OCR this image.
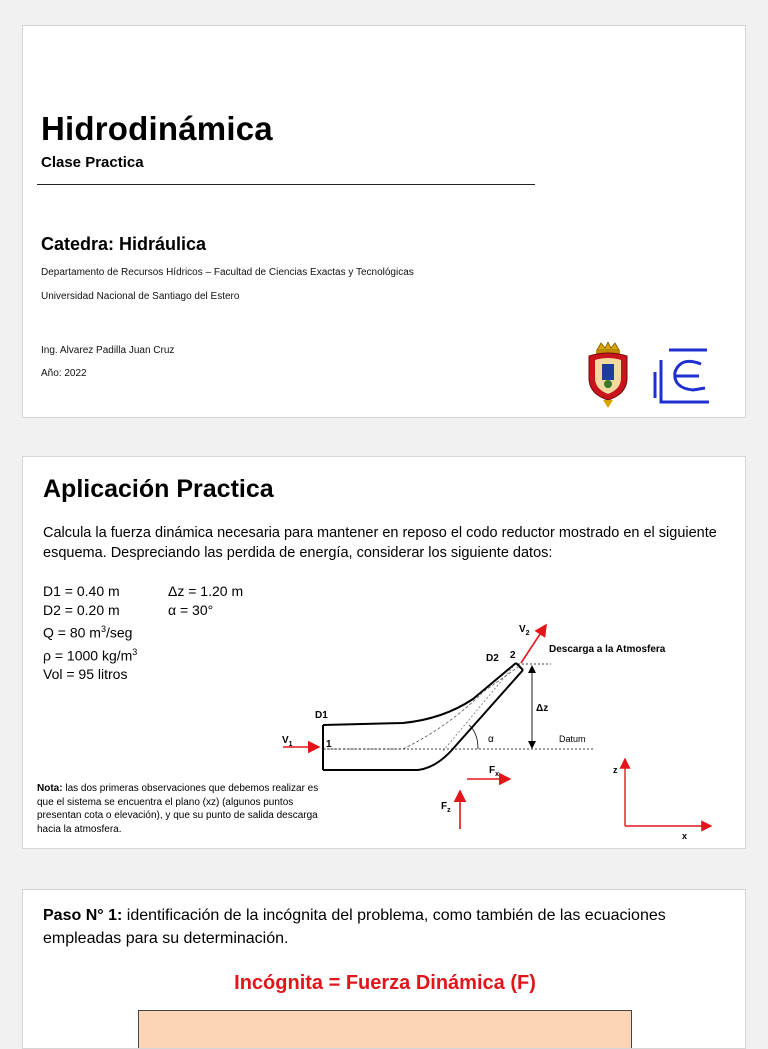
Hidrodinámica
Clase Practica
Catedra: Hidráulica
Departamento de Recursos Hídricos – Facultad de Ciencias Exactas y Tecnológicas
Universidad Nacional de Santiago del Estero
Ing. Alvarez Padilla Juan Cruz
Año: 2022
Aplicación Practica
Calcula la fuerza dinámica necesaria para mantener en reposo el codo reductor mostrado en el siguiente esquema. Despreciando las perdida de energía, considerar los siguiente datos:
D1 = 0.40 m
D2 = 0.20 m
Q = 80 $m^3$/seg
ρ = 1000 $kg/m^3$
Vol = 95 litros
Δz = 1.20 m
α = 30°
Nota: las dos primeras observaciones que debemos realizar es que el sistema se encuentra el plano (xz) (algunos puntos presentan cota o elevación), y que su punto de salida descarga hacia la atmosfera.
$V_2$
Descarga a la Atmosfera
D2 2
Δz
D1
$V_1$	1	α	Datum
$F_x$
$F_z$
z
x
Paso N° 1: identificación de la incógnita del problema, como también de las ecuaciones empleadas para su determinación.
Incógnita = Fuerza Dinámica (F)
